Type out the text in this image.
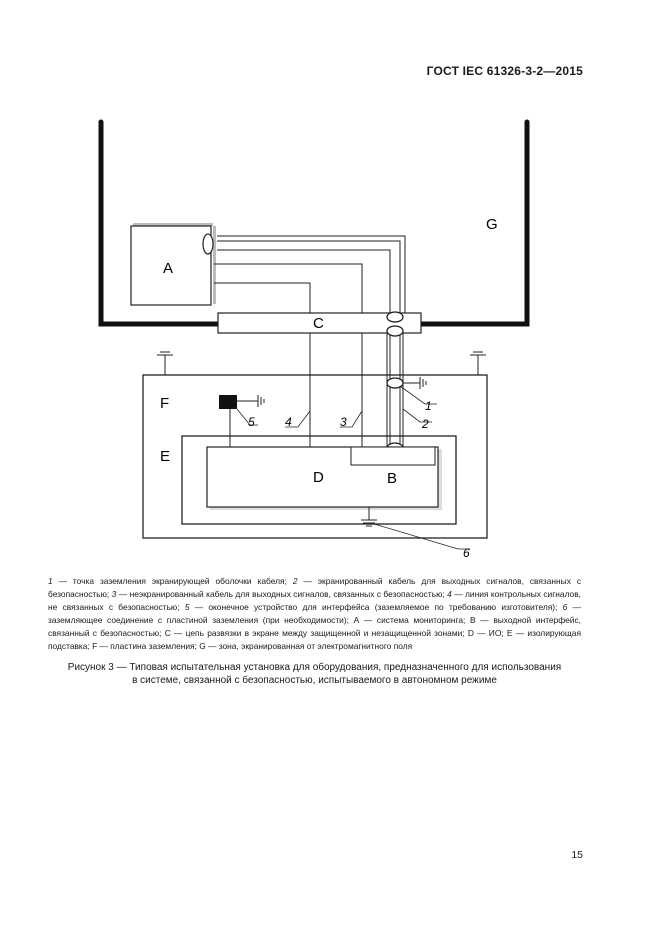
ГОСТ IEC 61326-3-2—2015
A
C
G
F
E
D	B
1
2
3
4
5
6
1 — точка заземления экранирующей оболочки кабеля; 2 — экранированный кабель для выходных сигналов, связанных с безопасностью; 3 — неэкранированный кабель для выходных сигналов, связанных с безопасностью; 4 — линия контрольных сигналов, не связанных с безопасностью; 5 — оконечное устройство для интерфейса (заземляемое по требованию изготовителя); 6 — заземляющее соединение с пластиной заземления (при необходимости); А — система мониторинга; В — выходной интерфейс, связанный с безопасностью; С — цепь развязки в экране между защищенной и незащищенной зонами; D — ИО; Е — изолирующая подставка; F — пластина заземления; G — зона, экранированная от электромагнитного поля
Рисунок 3 — Типовая испытательная установка для оборудования, предназначенного для использования
в системе, связанной с безопасностью, испытываемого в автономном режиме
15
